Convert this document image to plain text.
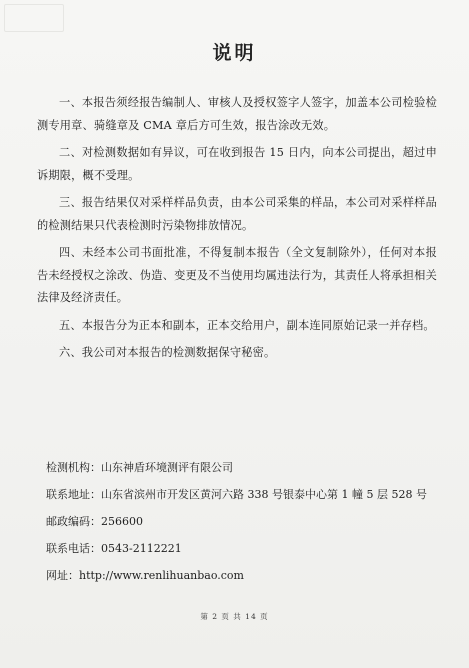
说明

一、本报告须经报告编制人、审核人及授权签字人签字，加盖本公司检验检测专用章、骑缝章及 CMA 章后方可生效，报告涂改无效。

二、对检测数据如有异议，可在收到报告 15 日内，向本公司提出，超过申诉期限，概不受理。

三、报告结果仅对采样样品负责，由本公司采集的样品，本公司对采样样品的检测结果只代表检测时污染物排放情况。

四、未经本公司书面批准，不得复制本报告（全文复制除外），任何对本报告未经授权之涂改、伪造、变更及不当使用均属违法行为，其责任人将承担相关法律及经济责任。

五、本报告分为正本和副本，正本交给用户，副本连同原始记录一并存档。

六、我公司对本报告的检测数据保守秘密。

检测机构：山东神盾环境测评有限公司
联系地址：山东省滨州市开发区黄河六路 338 号银泰中心第 1 幢 5 层 528 号
邮政编码：256600
联系电话：0543-2112221
网址：http://www.renlihuanbao.com
第 2 页 共 14 页
